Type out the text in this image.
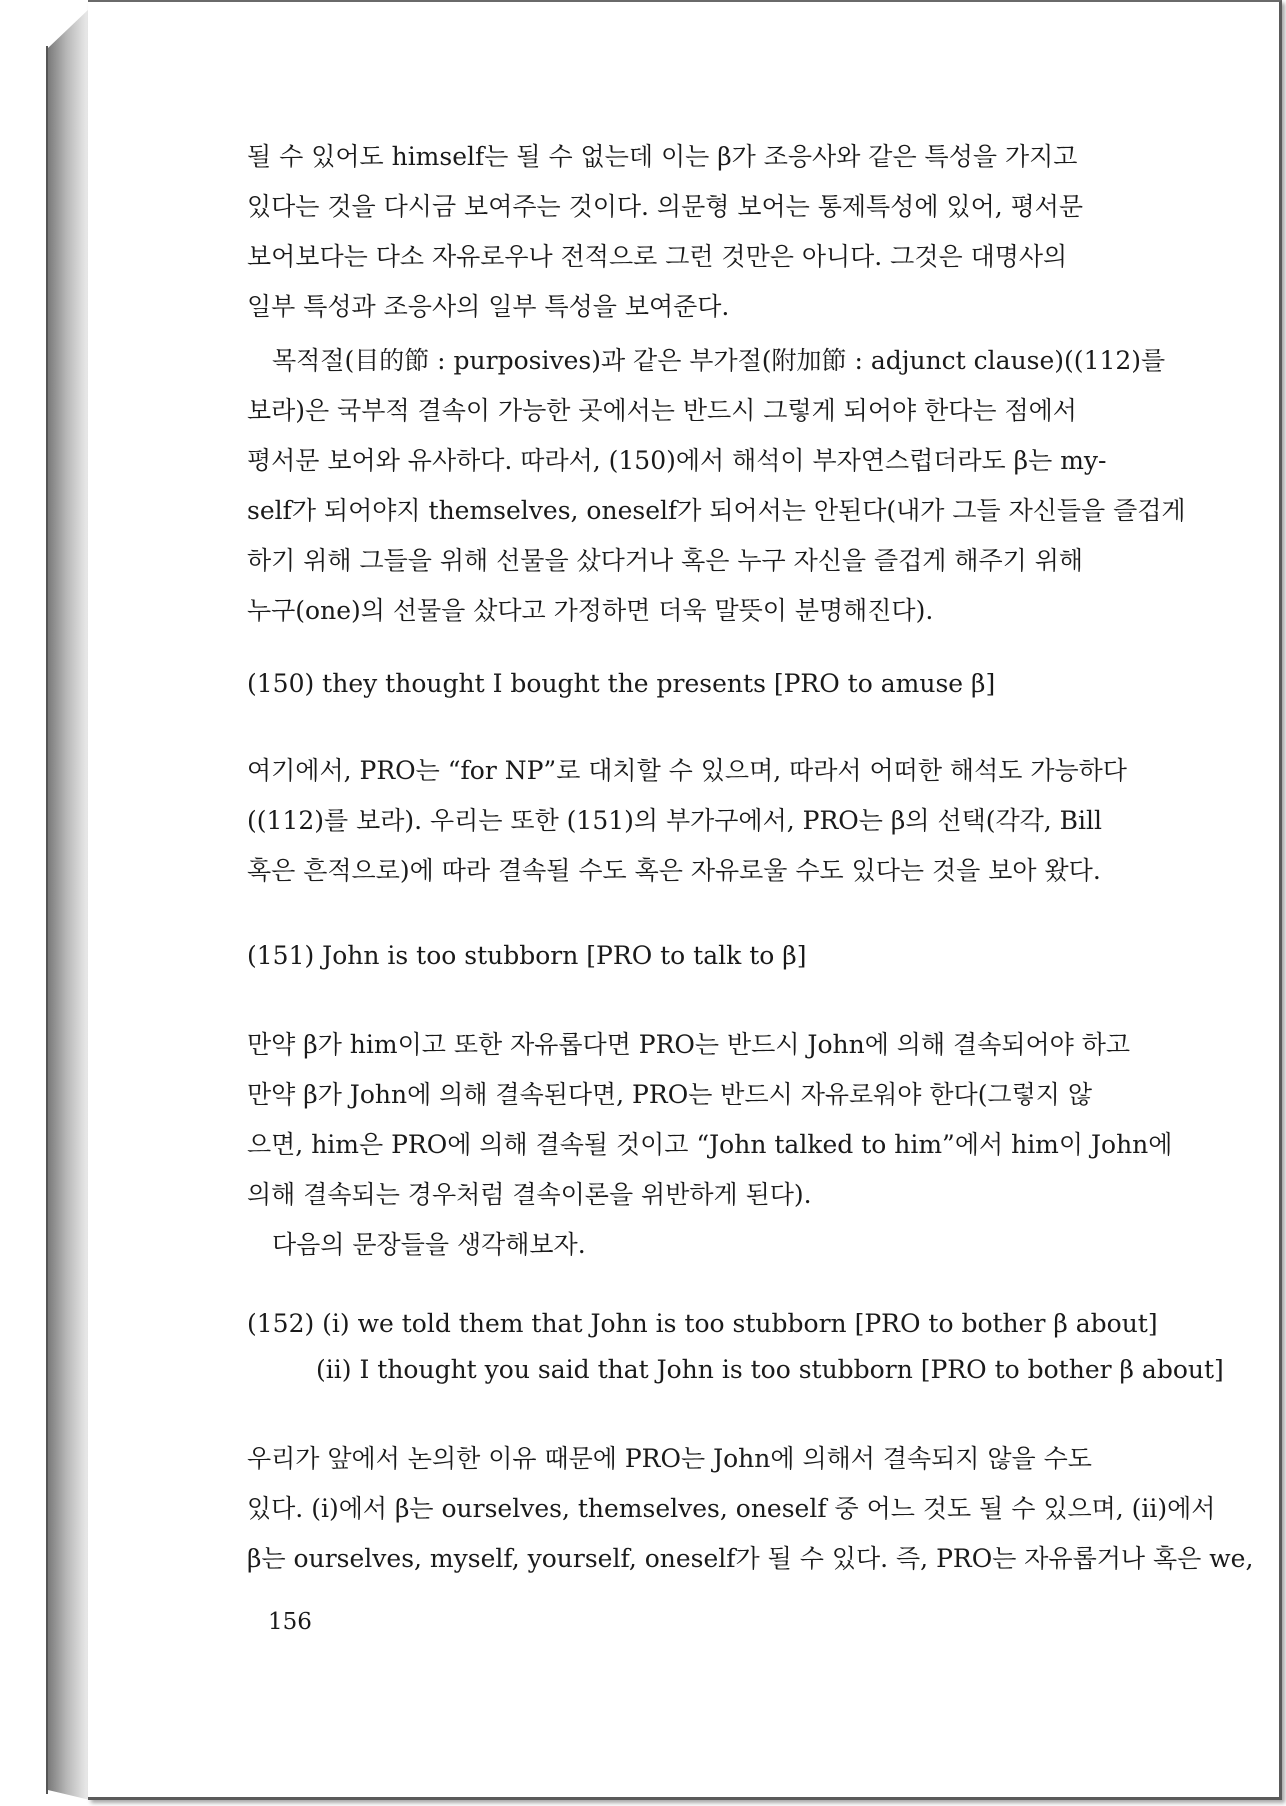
될 수 있어도 himself는 될 수 없는데 이는 β가 조응사와 같은 특성을 가지고

있다는 것을 다시금 보여주는 것이다. 의문형 보어는 통제특성에 있어, 평서문

보어보다는 다소 자유로우나 전적으로 그런 것만은 아니다. 그것은 대명사의

일부 특성과 조응사의 일부 특성을 보여준다.

목적절(目的節 : purposives)과 같은 부가절(附加節 : adjunct clause)((112)를

보라)은 국부적 결속이 가능한 곳에서는 반드시 그렇게 되어야 한다는 점에서

평서문 보어와 유사하다. 따라서, (150)에서 해석이 부자연스럽더라도 β는 my-

self가 되어야지 themselves, oneself가 되어서는 안된다(내가 그들 자신들을 즐겁게

하기 위해 그들을 위해 선물을 샀다거나 혹은 누구 자신을 즐겁게 해주기 위해

누구(one)의 선물을 샀다고 가정하면 더욱 말뜻이 분명해진다).

(150) they thought I bought the presents [PRO to amuse β]

여기에서, PRO는 “for NP”로 대치할 수 있으며, 따라서 어떠한 해석도 가능하다

((112)를 보라). 우리는 또한 (151)의 부가구에서, PRO는 β의 선택(각각, Bill

혹은 흔적으로)에 따라 결속될 수도 혹은 자유로울 수도 있다는 것을 보아 왔다.

(151) John is too stubborn [PRO to talk to β]

만약 β가 him이고 또한 자유롭다면 PRO는 반드시 John에 의해 결속되어야 하고

만약 β가 John에 의해 결속된다면, PRO는 반드시 자유로워야 한다(그렇지 않

으면, him은 PRO에 의해 결속될 것이고 “John talked to him”에서 him이 John에

의해 결속되는 경우처럼 결속이론을 위반하게 된다).

다음의 문장들을 생각해보자.

(152) (i) we told them that John is too stubborn [PRO to bother β about]
(ii) I thought you said that John is too stubborn [PRO to bother β about]

우리가 앞에서 논의한 이유 때문에 PRO는 John에 의해서 결속되지 않을 수도

있다. (i)에서 β는 ourselves, themselves, oneself 중 어느 것도 될 수 있으며, (ii)에서

β는 ourselves, myself, yourself, oneself가 될 수 있다. 즉, PRO는 자유롭거나 혹은 we,

156
